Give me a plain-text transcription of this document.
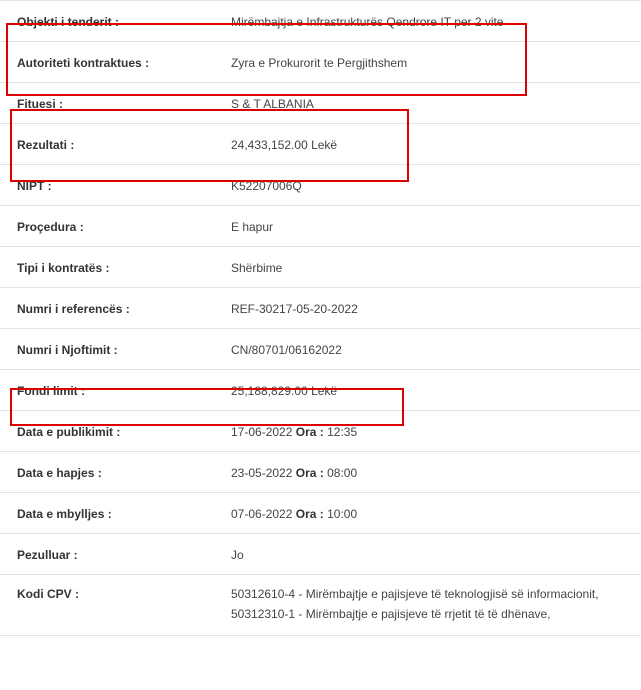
Objekti i tenderit :	Mirëmbajtja e Infrastrukturës Qendrore IT per 2 vite
Autoriteti kontraktues :	Zyra e Prokurorit te Pergjithshem
Fituesi :	S & T ALBANIA
Rezultati :	24,433,152.00 Lekë
NIPT :	K52207006Q
Proçedura :	E hapur
Tipi i kontratës :	Shërbime
Numri i referencës :	REF-30217-05-20-2022
Numri i Njoftimit :	CN/80701/06162022
Fondi limit :	25,188,829.00 Lekë
Data e publikimit :	17-06-2022 Ora : 12:35
Data e hapjes :	23-05-2022 Ora : 08:00
Data e mbylljes :	07-06-2022 Ora : 10:00
Pezulluar :	Jo
Kodi CPV :	50312610-4 - Mirëmbajtje e pajisjeve të teknologjisë së informacionit,
50312310-1 - Mirëmbajtje e pajisjeve të rrjetit të të dhënave,
